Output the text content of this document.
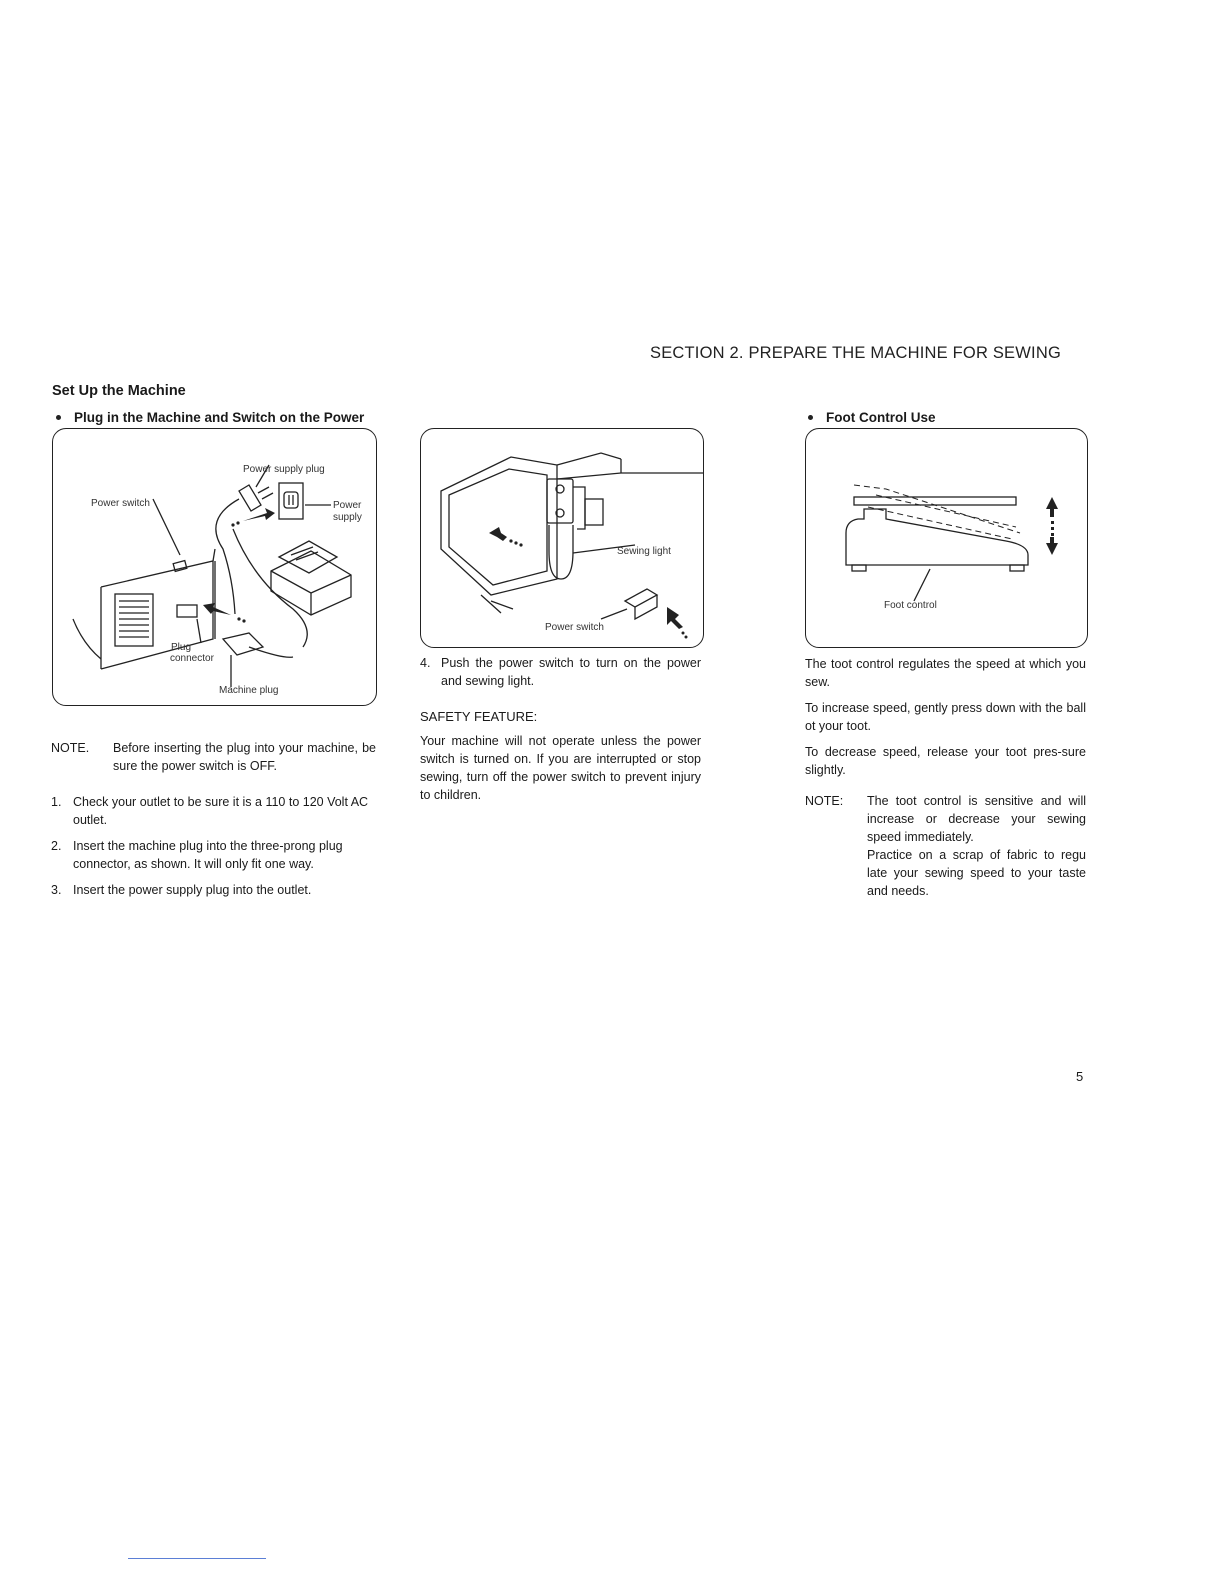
SECTION 2. PREPARE THE MACHINE FOR SEWING
Set Up the Machine
Plug in the Machine and Switch on the Power
Power supply plug
Power switch	Power
supply
Plug
connector
Machine plug
NOTE.	Before inserting the plug into your machine, be sure the power switch is OFF.
1. Check your outlet to be sure it is a 110 to 120 Volt AC outlet.
2. Insert the machine plug into the three-prong plug connector, as shown. It will only fit one way.
3. Insert the power supply plug into the outlet.
Sewing light
Power switch
4. Push the power switch to turn on the power and sewing light.
SAFETY FEATURE:
Your machine will not operate unless the power switch is turned on. If you are interrupted or stop sewing, turn off the power switch to prevent injury to children.
Foot Control Use
Foot control

The toot control regulates the speed at which you sew.

To increase speed, gently press down with the ball ot your toot.

To decrease speed, release your toot pres-sure slightly.

NOTE:	The toot control is sensitive and will increase or decrease your sewing speed immediately.
Practice on a scrap of fabric to regu late your sewing speed to your taste and needs.
5
